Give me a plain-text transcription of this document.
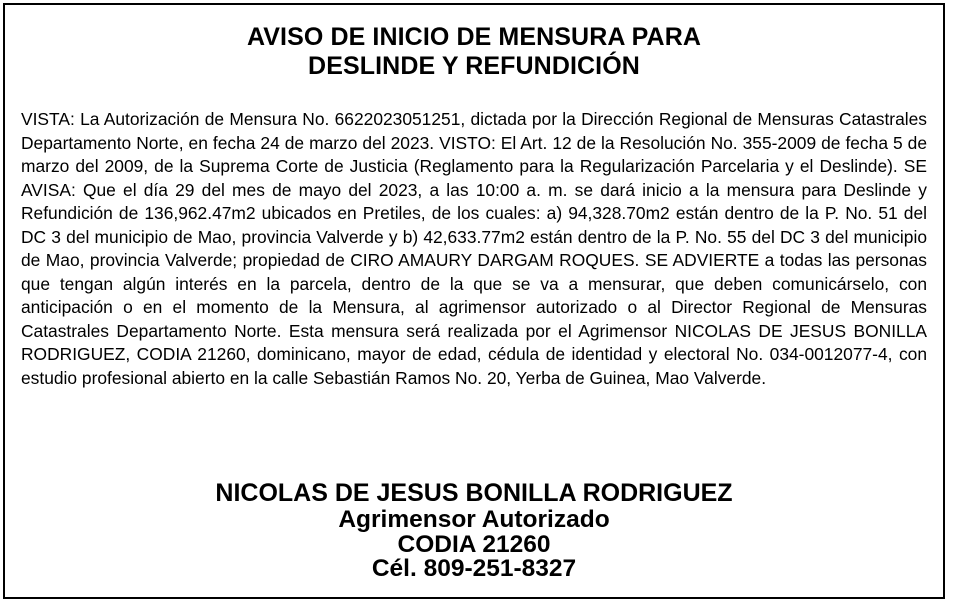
AVISO DE INICIO DE MENSURA PARA
DESLINDE Y REFUNDICIÓN
VISTA: La Autorización de Mensura No. 6622023051251, dictada por la Dirección Regional de Mensuras Catastrales Departamento Norte, en fecha 24 de marzo del 2023. VISTO: El Art. 12 de la Resolución No. 355-2009 de fecha 5 de marzo del 2009, de la Suprema Corte de Justicia (Reglamento para la Regularización Parcelaria y el Deslinde). SE AVISA: Que el día 29 del mes de mayo del 2023, a las 10:00 a. m. se dará inicio a la mensura para Deslinde y Refundición de 136,962.47m2 ubicados en Pretiles, de los cuales: a) 94,328.70m2 están dentro de la P. No. 51 del DC 3 del municipio de Mao, provincia Valverde y b) 42,633.77m2 están dentro de la P. No. 55 del DC 3 del municipio de Mao, provincia Valverde; propiedad de CIRO AMAURY DARGAM ROQUES. SE ADVIERTE a todas las personas que tengan algún interés en la parcela, dentro de la que se va a mensurar, que deben comunicárselo, con anticipación o en el momento de la Mensura, al agrimensor autorizado o al Director Regional de Mensuras Catastrales Departamento Norte. Esta mensura será realizada por el Agrimensor NICOLAS DE JESUS BONILLA RODRIGUEZ, CODIA 21260, dominicano, mayor de edad, cédula de identidad y electoral No. 034-0012077-4, con estudio profesional abierto en la calle Sebastián Ramos No. 20, Yerba de Guinea, Mao Valverde.
NICOLAS DE JESUS BONILLA RODRIGUEZ
Agrimensor Autorizado
CODIA 21260
Cél. 809-251-8327
